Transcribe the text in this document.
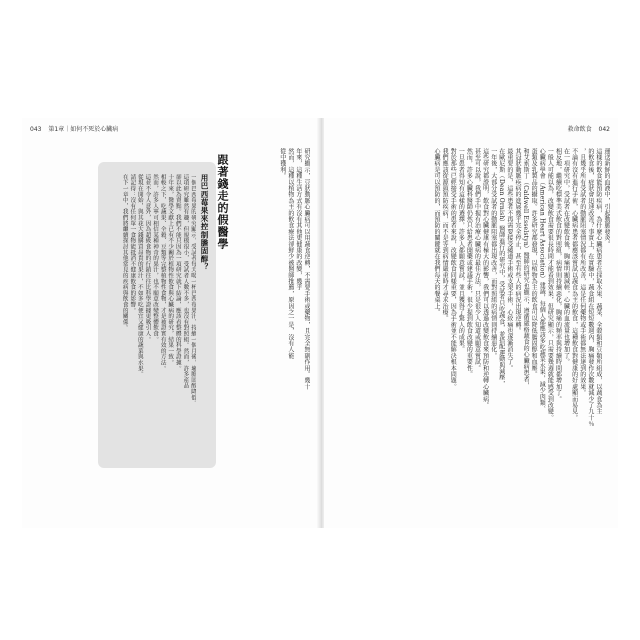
043 第1章｜如何不死於心臟病
研究顯示，豆狀動脈心臟病可以用蔬食逆轉，不需要手術或藥物，且完全無副作用。幾十
年來，這種生活方式有沒有其他更健康的改變，幾乎
然而，這種以植物為主的飲食療法卻鮮少被醫師推薦，原因之一是，沒有人能
從中獲利。
跟著錢走的假醫學
用巴西莓果來控制膽固醇？
一個巴西莓果的研究顯示，受試者每天喝一杯巴西莓果汁，持續一個月後，壞膽固醇降低。
這項研究雖然有趣，但規模很小，受試者人數不多，也沒有對照組。然而，許多產品
卻以此為賣點。我們不能只因為一項研究就下結論，應該看整體的科學證據。
十年來，醫學文獻上已有不少關於植物性飲食與心臟病的研究，結果一致。
相較之下，吃蔬果、全穀、豆類等完整植物性食物，才是被證實有效的方法。
然而，許多人寧可相信某種神奇的果汁，也不願意改變整體飲食。
這並不令人意外，因為超級食物的行銷往往比科學證據更吸引人。
從現在開始，與其花大錢購買昂貴的果汁，不如多吃便宜又健康的蔬菜與水果。
請記得：沒有任何單一食物能抵消不健康飲食的影響。
在下一章中，我們將繼續探討其他常見的疾病與飲食的關係。
救命飲食 042
運送新鮮的血液中，引起動脈發炎。
這樣的飲食能預防疾病，為什麼心臟病患者在採取水果、蔬菜、全穀類和豆類所組成，以蔬食為主
的飲食後，症狀會迅速改善？事實上，在實驗中，蔬食組在短短數週內，胸痛發作次數就減少了九十％
，且幾乎所有受試者的動脈阻塞情況都有所改善，這是任何藥物或手術都無法達到的效果。
不論有沒有進行手術，心臟病患者都應該嘗試以蔬食為主的飲食，這種飲食對健康的好處顯而易見。
在一項研究中，受試者在改變飲食後，胸痛明顯減輕，心臟的血流量也增加了。
相反地，繼續吃標準美式飲食的對照組，病情則持續惡化，胸痛的頻率與持續時間都增加了。
一般人可能以為，改變飲食需要很長時間才能看到效果，但研究顯示，只需要幾週就能感受到改變。
心臟病學會（American Heart Association）建議，每個人都應該多吃蔬菜水果，減少肉類、
蛋類及乳製品的攝取。許多研究都發現，以植物為主的飲食可以降低膽固醇和血壓。
和艾索斯丁（Caldwell Esselstyn）醫師的研究也顯示，遵循嚴格蔬食的心臟病患者，
其冠狀動脈疾病的進展幾乎完全停止，甚至有些人的病況出現逆轉。
最重要的是，這些患者不再需要接受繞道手術或支架手術，心絞痛也逐漸消失了。
在歐尼斯（Dean Ornish）醫師進行的研究中，受試者只吃蔬食，並搭配運動與減壓，
一年後，大部分受試者的動脈阻塞都出現改善，而對照組的病情則持續惡化。
這些研究都證明，飲食對心臟健康有極大的影響，我們可以透過改變飲食來預防和逆轉心臟病。
甚至可以說，我們手中握有治療心臟病的最佳方法，只是很少人知道或願意嘗試。
然而，許多心臟科醫師仍然只給患者開藥或建議手術，很少提到飲食改變的重要性。
一旦患者得知有這樣的選擇，許多人都願意嘗試，並且獲得了驚人的成果。
對於那些已經接受手術的患者來說，改變飲食同樣重要，因為手術並不能解決根本問題。
我們應該從源頭預防疾病，而不是等到病情嚴重時才尋求治療。
心臟病是可以預防的，而預防的關鍵就在我們每天的餐桌上。
